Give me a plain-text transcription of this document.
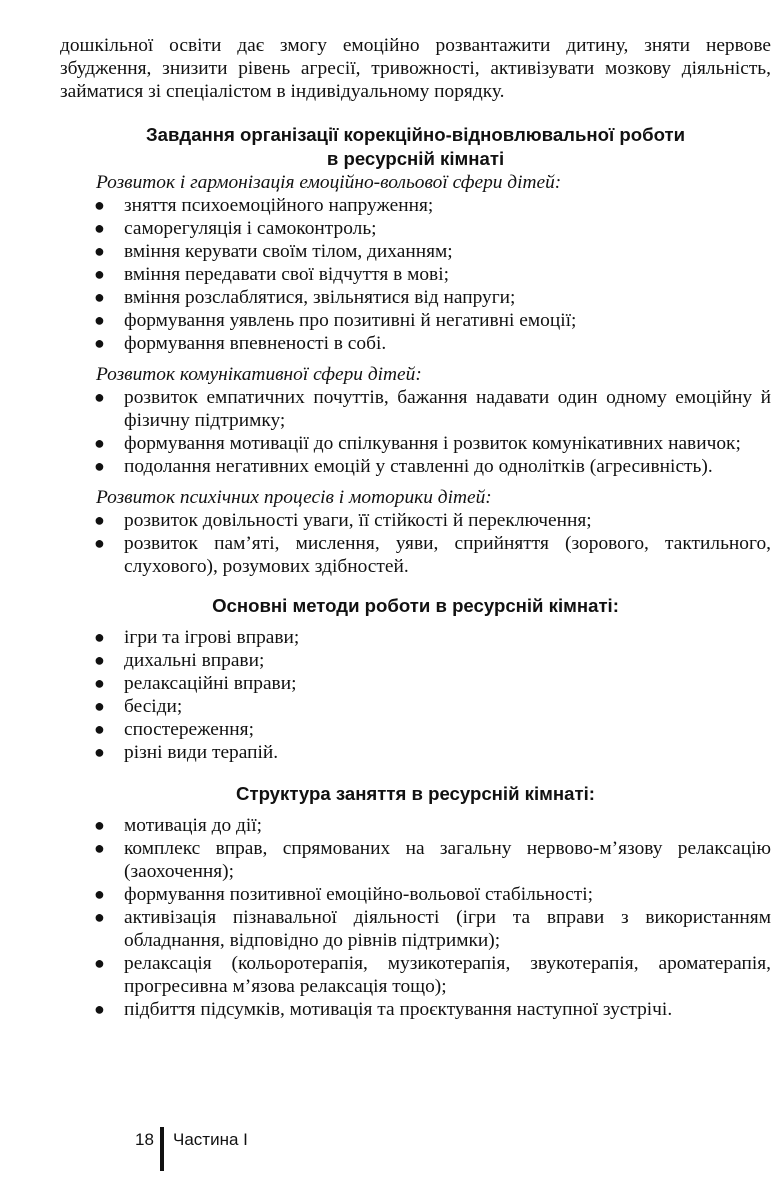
дошкільної освіти дає змогу емоційно розвантажити дитину, зняти нервове збудження, знизити рівень агресії, тривожності, активізувати мозкову діяльність, займатися зі спеціалістом в індивідуальному порядку.

Завдання організації корекційно-відновлювальної роботи
в ресурсній кімнаті

Розвиток і гармонізація емоційно-вольової сфери дітей:

● зняття психоемоційного напруження;
● саморегуляція і самоконтроль;
● вміння керувати своїм тілом, диханням;
● вміння передавати свої відчуття в мові;
● вміння розслаблятися, звільнятися від напруги;
● формування уявлень про позитивні й негативні емоції;
● формування впевненості в собі.

Розвиток комунікативної сфери дітей:

● розвиток емпатичних почуттів, бажання надавати один одному емоційну й фізичну підтримку;
● формування мотивації до спілкування і розвиток комунікативних навичок;
● подолання негативних емоцій у ставленні до однолітків (агресивність).

Розвиток психічних процесів і моторики дітей:

● розвиток довільності уваги, її стійкості й переключення;
● розвиток пам’яті, мислення, уяви, сприйняття (зорового, тактильного, слухового), розумових здібностей.
Основні методи роботи в ресурсній кімнаті:
● ігри та ігрові вправи;
● дихальні вправи;
● релаксаційні вправи;
● бесіди;
● спостереження;
● різні види терапій.
Структура заняття в ресурсній кімнаті:
● мотивація до дії;
● комплекс вправ, спрямованих на загальну нервово-м’язову релаксацію (заохочення);
● формування позитивної емоційно-вольової стабільності;
● активізація пізнавальної діяльності (ігри та вправи з використанням обладнання, відповідно до рівнів підтримки);
● релаксація (кольоротерапія, музикотерапія, звукотерапія, ароматерапія, прогресивна м’язова релаксація тощо);
● підбиття підсумків, мотивація та проєктування наступної зустрічі.
18 Частина I
